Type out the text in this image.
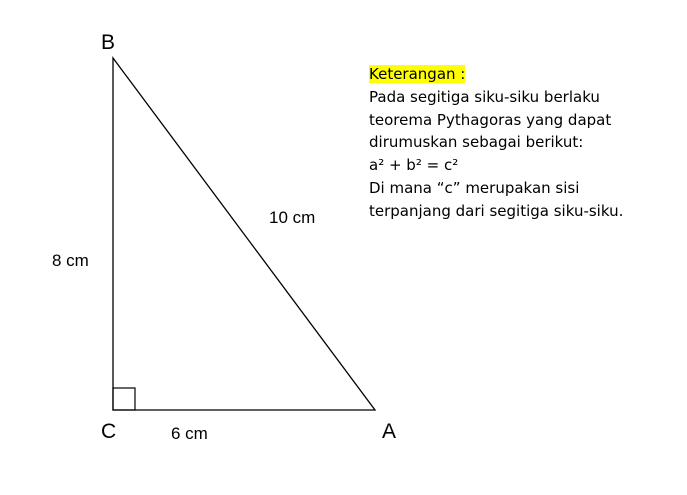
B
C	A
8 cm
6 cm
10 cm
Keterangan :
Pada segitiga siku-siku berlaku
teorema Pythagoras yang dapat
dirumuskan sebagai berikut:
a² + b² = c²
Di mana “c” merupakan sisi
terpanjang dari segitiga siku-siku.
